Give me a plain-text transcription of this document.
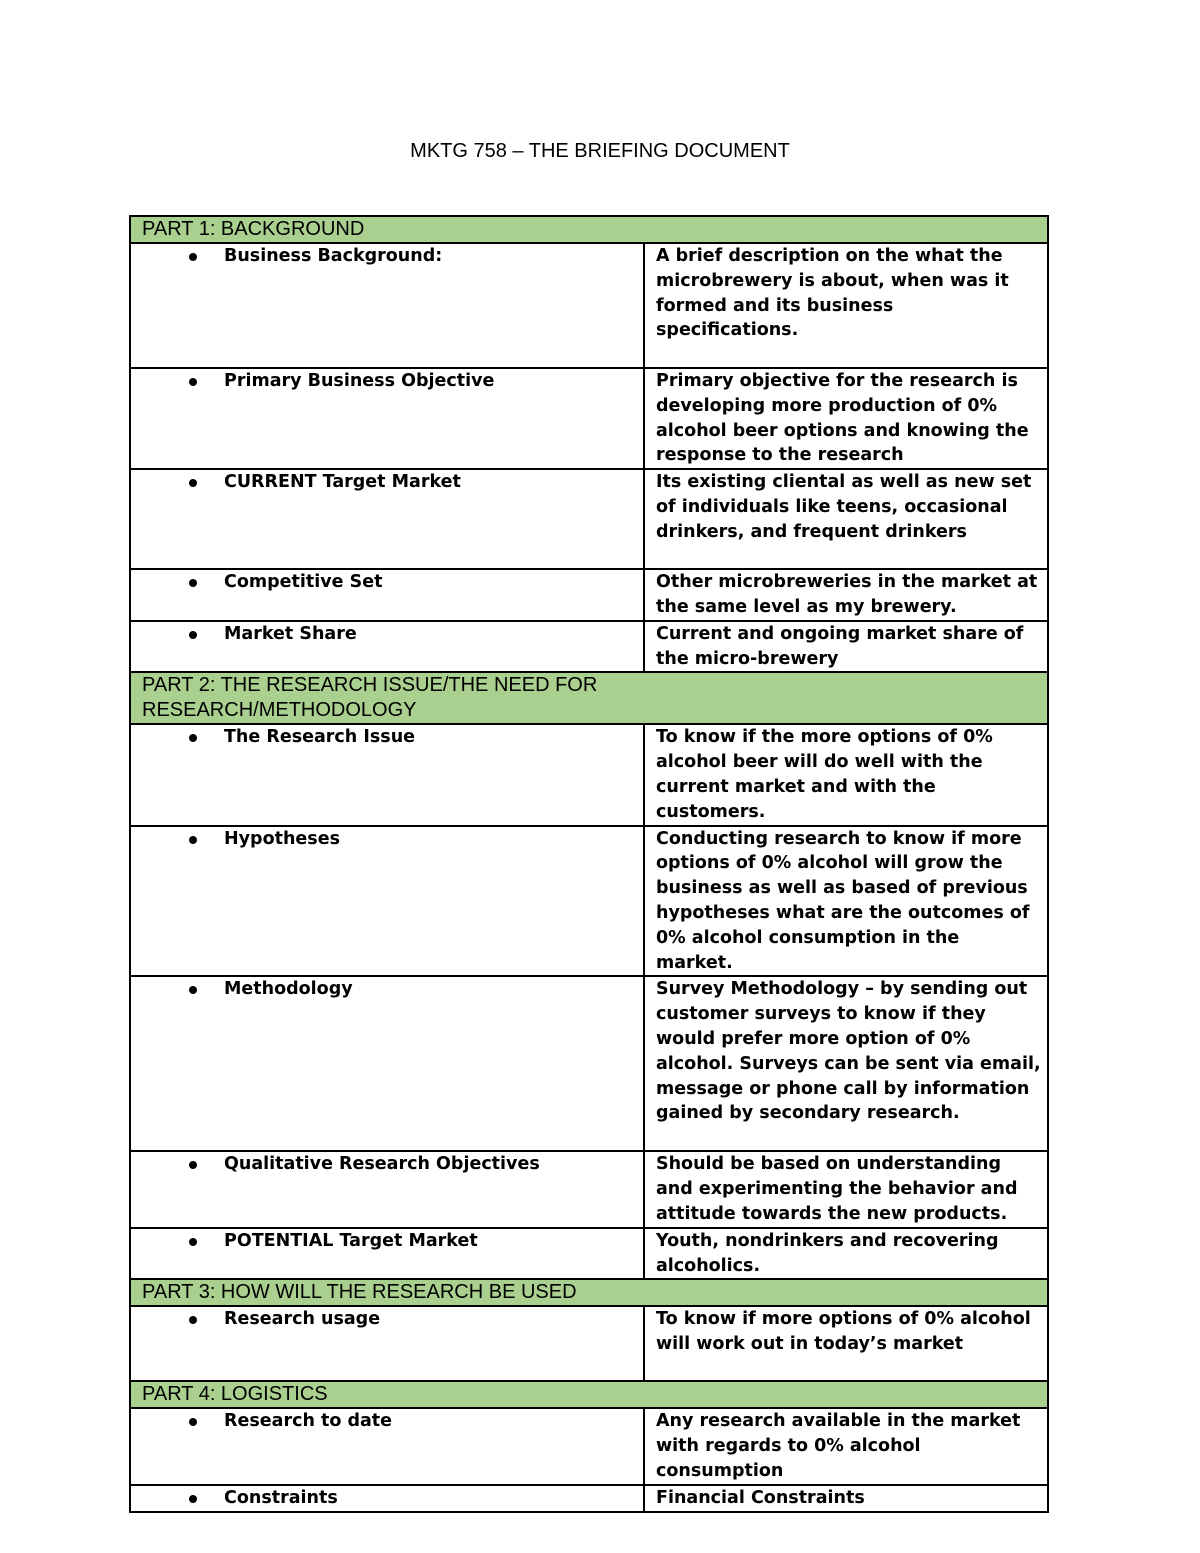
MKTG 758 – THE BRIEFING DOCUMENT
PART 1: BACKGROUND	

Business Background:	A brief description on the what the microbrewery is about, when was it formed and its business specifications.

Primary Business Objective	Primary objective for the research is developing more production of 0% alcohol beer options and knowing the response to the research

CURRENT Target Market	Its existing cliental as well as new set of individuals like teens, occasional drinkers, and frequent drinkers

Competitive Set	Other microbreweries in the market at the same level as my brewery.

Market Share	Current and ongoing market share of the micro-brewery

PART 2: THE RESEARCH ISSUE/THE NEED FOR RESEARCH/METHODOLOGY	

The Research Issue	To know if the more options of 0% alcohol beer will do well with the current market and with the customers.

Hypotheses	Conducting research to know if more options of 0% alcohol will grow the business as well as based of previous hypotheses what are the outcomes of 0% alcohol consumption in the market.

Methodology	Survey Methodology – by sending out customer surveys to know if they would prefer more option of 0% alcohol. Surveys can be sent via email, message or phone call by information gained by secondary research.

Qualitative Research Objectives	Should be based on understanding and experimenting the behavior and attitude towards the new products.

POTENTIAL Target Market	Youth, nondrinkers and recovering alcoholics.
PART 3: HOW WILL THE RESEARCH BE USED	

Research usage	To know if more options of 0% alcohol will work out in today’s market
PART 4: LOGISTICS	

Research to date	Any research available in the market with regards to 0% alcohol consumption

Constraints	Financial Constraints
